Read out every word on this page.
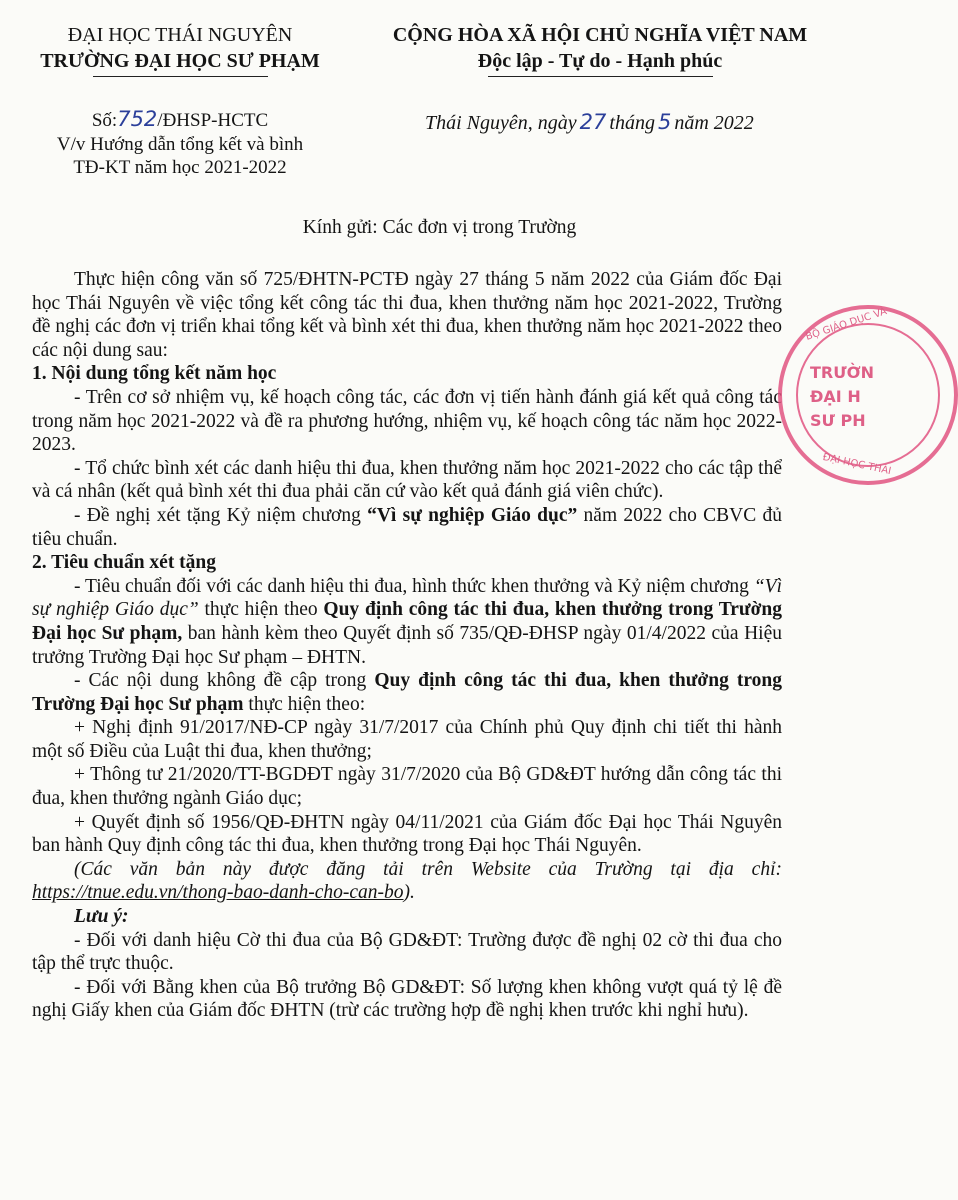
ĐẠI HỌC THÁI NGUYÊN
TRƯỜNG ĐẠI HỌC SƯ PHẠM
CỘNG HÒA XÃ HỘI CHỦ NGHĨA VIỆT NAM
Độc lập - Tự do - Hạnh phúc
Số:752/ĐHSP-HCTC
V/v Hướng dẫn tổng kết và bình
TĐ-KT năm học 2021-2022
Thái Nguyên, ngày 27 tháng 5 năm 2022
Kính gửi: Các đơn vị trong Trường

Thực hiện công văn số 725/ĐHTN-PCTĐ ngày 27 tháng 5 năm 2022 của Giám đốc Đại học Thái Nguyên về việc tổng kết công tác thi đua, khen thưởng năm học 2021-2022, Trường đề nghị các đơn vị triển khai tổng kết và bình xét thi đua, khen thưởng năm học 2021-2022 theo các nội dung sau:

1. Nội dung tổng kết năm học

- Trên cơ sở nhiệm vụ, kế hoạch công tác, các đơn vị tiến hành đánh giá kết quả công tác trong năm học 2021-2022 và đề ra phương hướng, nhiệm vụ, kế hoạch công tác năm học 2022-2023.

- Tổ chức bình xét các danh hiệu thi đua, khen thưởng năm học 2021-2022 cho các tập thể và cá nhân (kết quả bình xét thi đua phải căn cứ vào kết quả đánh giá viên chức).

- Đề nghị xét tặng Kỷ niệm chương “Vì sự nghiệp Giáo dục” năm 2022 cho CBVC đủ tiêu chuẩn.

2. Tiêu chuẩn xét tặng

- Tiêu chuẩn đối với các danh hiệu thi đua, hình thức khen thưởng và Kỷ niệm chương “Vì sự nghiệp Giáo dục” thực hiện theo Quy định công tác thi đua, khen thưởng trong Trường Đại học Sư phạm, ban hành kèm theo Quyết định số 735/QĐ-ĐHSP ngày 01/4/2022 của Hiệu trưởng Trường Đại học Sư phạm – ĐHTN.

- Các nội dung không đề cập trong Quy định công tác thi đua, khen thưởng trong Trường Đại học Sư phạm thực hiện theo:

+ Nghị định 91/2017/NĐ-CP ngày 31/7/2017 của Chính phủ Quy định chi tiết thi hành một số Điều của Luật thi đua, khen thưởng;

+ Thông tư 21/2020/TT-BGDĐT ngày 31/7/2020 của Bộ GD&ĐT hướng dẫn công tác thi đua, khen thưởng ngành Giáo dục;

+ Quyết định số 1956/QĐ-ĐHTN ngày 04/11/2021 của Giám đốc Đại học Thái Nguyên ban hành Quy định công tác thi đua, khen thưởng trong Đại học Thái Nguyên.

(Các văn bản này được đăng tải trên Website của Trường tại địa chỉ: https://tnue.edu.vn/thong-bao-danh-cho-can-bo).

Lưu ý:

- Đối với danh hiệu Cờ thi đua của Bộ GD&ĐT: Trường được đề nghị 02 cờ thi đua cho tập thể trực thuộc.

- Đối với Bằng khen của Bộ trưởng Bộ GD&ĐT: Số lượng khen không vượt quá tỷ lệ đề nghị Giấy khen của Giám đốc ĐHTN (trừ các trường hợp đề nghị khen trước khi nghỉ hưu).

BỘ GIÁO DỤC VÀ
TRƯỜN
ĐẠI H
SƯ PH
ĐẠI HỌC THÁI
